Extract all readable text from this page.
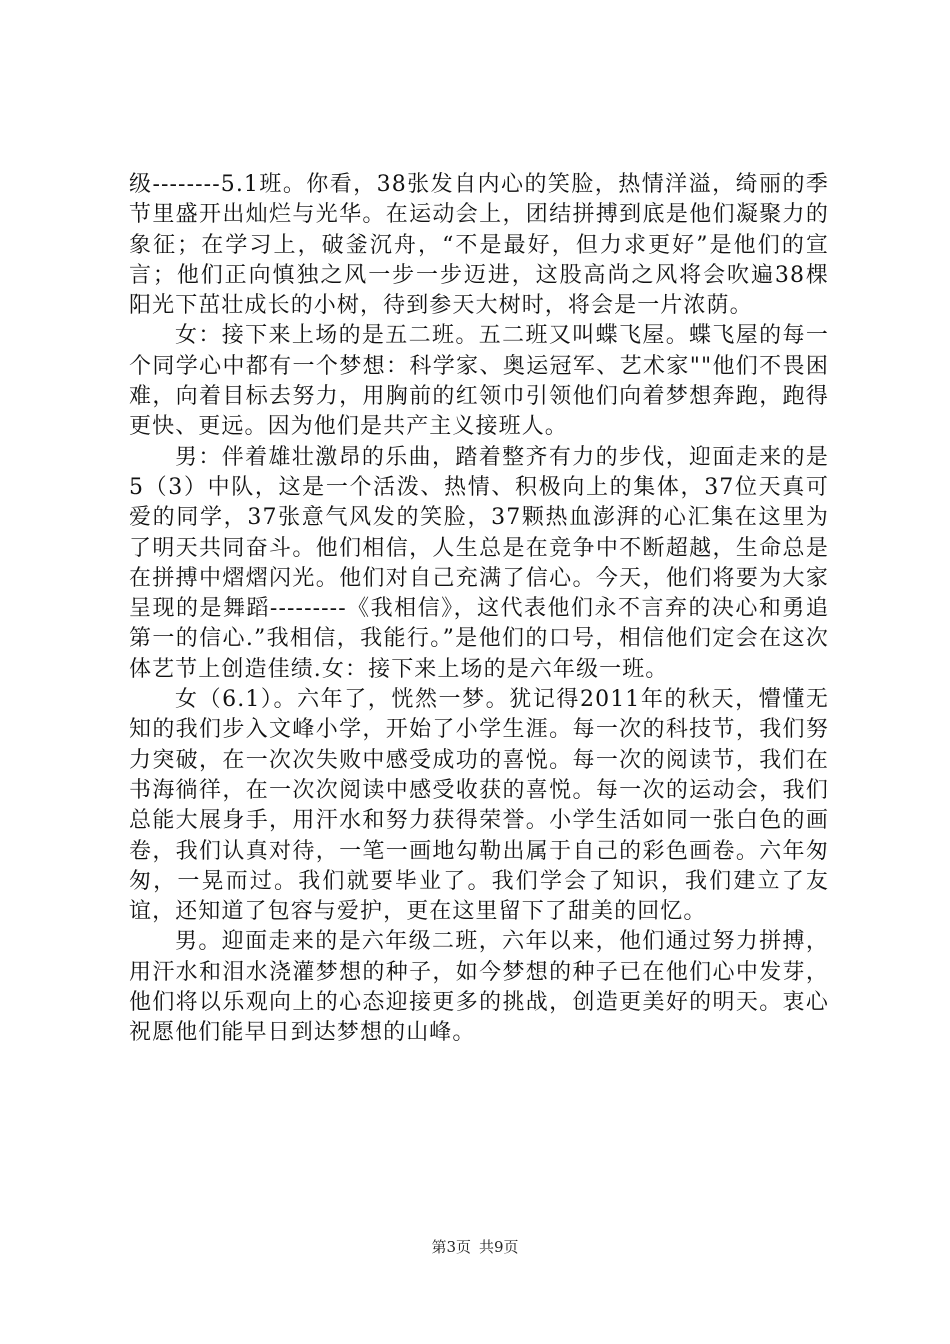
级--------5.1班。你看，38张发自内心的笑脸，热情洋溢，绮丽的季节里盛开出灿烂与光华。在运动会上，团结拼搏到底是他们凝聚力的象征；在学习上，破釜沉舟，“不是最好，但力求更好”是他们的宣言；他们正向慎独之风一步一步迈进，这股高尚之风将会吹遍38棵阳光下茁壮成长的小树，待到参天大树时，将会是一片浓荫。

女：接下来上场的是五二班。五二班又叫蝶飞屋。蝶飞屋的每一个同学心中都有一个梦想：科学家、奥运冠军、艺术家""他们不畏困难，向着目标去努力，用胸前的红领巾引领他们向着梦想奔跑，跑得更快、更远。因为他们是共产主义接班人。

男：伴着雄壮激昂的乐曲，踏着整齐有力的步伐，迎面走来的是5（3）中队，这是一个活泼、热情、积极向上的集体，37位天真可爱的同学，37张意气风发的笑脸，37颗热血澎湃的心汇集在这里为了明天共同奋斗。他们相信，人生总是在竞争中不断超越，生命总是在拼搏中熠熠闪光。他们对自己充满了信心。今天，他们将要为大家呈现的是舞蹈---------《我相信》，这代表他们永不言弃的决心和勇追第一的信心.”我相信，我能行。”是他们的口号，相信他们定会在这次体艺节上创造佳绩.女：接下来上场的是六年级一班。

女（6.1）。六年了，恍然一梦。犹记得2011年的秋天，懵懂无知的我们步入文峰小学，开始了小学生涯。每一次的科技节，我们努力突破，在一次次失败中感受成功的喜悦。每一次的阅读节，我们在书海徜徉，在一次次阅读中感受收获的喜悦。每一次的运动会，我们总能大展身手，用汗水和努力获得荣誉。小学生活如同一张白色的画卷，我们认真对待，一笔一画地勾勒出属于自己的彩色画卷。六年匆匆，一晃而过。我们就要毕业了。我们学会了知识，我们建立了友谊，还知道了包容与爱护，更在这里留下了甜美的回忆。

男。迎面走来的是六年级二班，六年以来，他们通过努力拼搏，用汗水和泪水浇灌梦想的种子，如今梦想的种子已在他们心中发芽，他们将以乐观向上的心态迎接更多的挑战，创造更美好的明天。衷心祝愿他们能早日到达梦想的山峰。

第3页 共9页
